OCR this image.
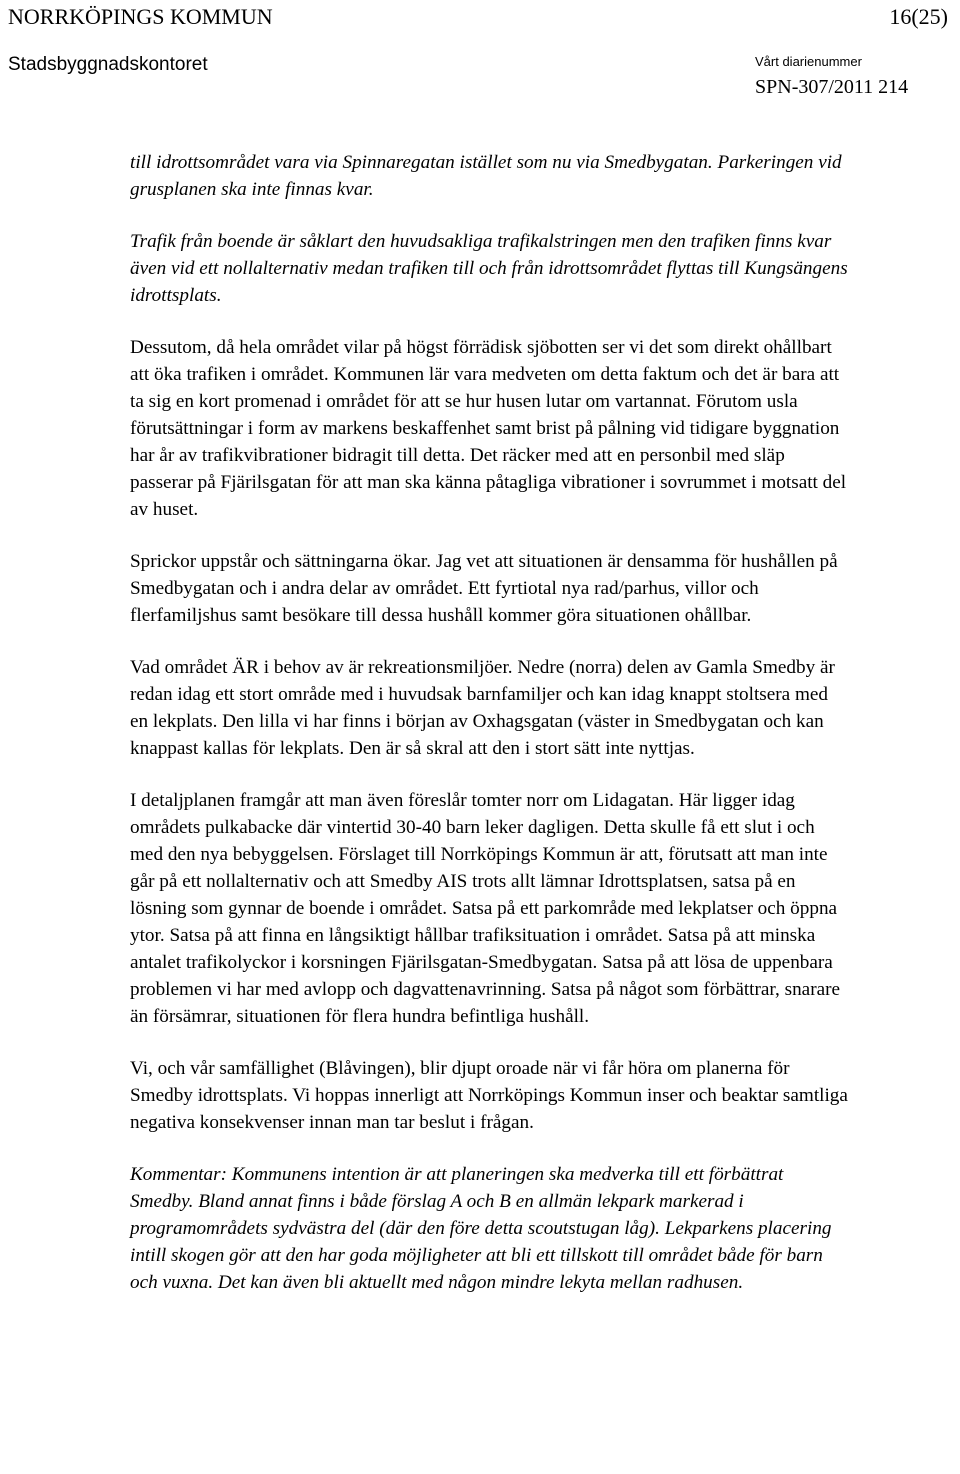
NORRKÖPINGS KOMMUN	16(25)
Stadsbyggnadskontoret	Vårt diarienummer
SPN-307/2011 214

till idrottsområdet vara via Spinnaregatan istället som nu via Smedbygatan. Parkeringen vid grusplanen ska inte finnas kvar.

Trafik från boende är såklart den huvudsakliga trafikalstringen men den trafiken finns kvar även vid ett nollalternativ medan trafiken till och från idrottsområdet flyttas till Kungsängens idrottsplats.

Dessutom, då hela området vilar på högst förrädisk sjöbotten ser vi det som direkt ohållbart att öka trafiken i området. Kommunen lär vara medveten om detta faktum och det är bara att ta sig en kort promenad i området för att se hur husen lutar om vartannat. Förutom usla förutsättningar i form av markens beskaffenhet samt brist på pålning vid tidigare byggnation har år av trafikvibrationer bidragit till detta. Det räcker med att en personbil med släp passerar på Fjärilsgatan för att man ska känna påtagliga vibrationer i sovrummet i motsatt del av huset.

Sprickor uppstår och sättningarna ökar. Jag vet att situationen är densamma för hushållen på Smedbygatan och i andra delar av området. Ett fyrtiotal nya rad/parhus, villor och flerfamiljshus samt besökare till dessa hushåll kommer göra situationen ohållbar.

Vad området ÄR i behov av är rekreationsmiljöer. Nedre (norra) delen av Gamla Smedby är redan idag ett stort område med i huvudsak barnfamiljer och kan idag knappt stoltsera med en lekplats. Den lilla vi har finns i början av Oxhagsgatan (väster in Smedbygatan och kan knappast kallas för lekplats. Den är så skral att den i stort sätt inte nyttjas.

I detaljplanen framgår att man även föreslår tomter norr om Lidagatan. Här ligger idag områdets pulkabacke där vintertid 30-40 barn leker dagligen. Detta skulle få ett slut i och med den nya bebyggelsen. Förslaget till Norrköpings Kommun är att, förutsatt att man inte går på ett nollalternativ och att Smedby AIS trots allt lämnar Idrottsplatsen, satsa på en lösning som gynnar de boende i området. Satsa på ett parkområde med lekplatser och öppna ytor. Satsa på att finna en långsiktigt hållbar trafiksituation i området. Satsa på att minska antalet trafikolyckor i korsningen Fjärilsgatan-Smedbygatan. Satsa på att lösa de uppenbara problemen vi har med avlopp och dagvattenavrinning. Satsa på något som förbättrar, snarare än försämrar, situationen för flera hundra befintliga hushåll.

Vi, och vår samfällighet (Blåvingen), blir djupt oroade när vi får höra om planerna för Smedby idrottsplats. Vi hoppas innerligt att Norrköpings Kommun inser och beaktar samtliga negativa konsekvenser innan man tar beslut i frågan.

Kommentar: Kommunens intention är att planeringen ska medverka till ett förbättrat Smedby. Bland annat finns i både förslag A och B en allmän lekpark markerad i programområdets sydvästra del (där den före detta scoutstugan låg). Lekparkens placering intill skogen gör att den har goda möjligheter att bli ett tillskott till området både för barn och vuxna. Det kan även bli aktuellt med någon mindre lekyta mellan radhusen.
